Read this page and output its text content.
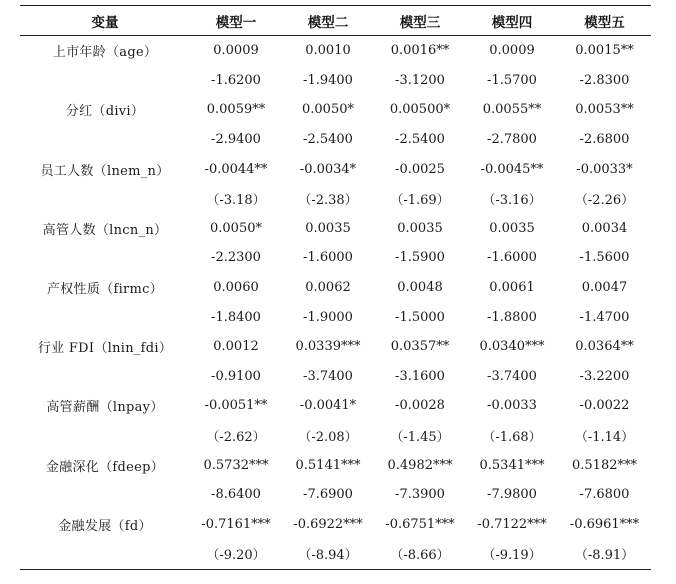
变量	模型一	模型二	模型三	模型四	模型五
上市年龄（age）	0.0009	0.0010	0.0016**	0.0009	0.0015**
	-1.6200	-1.9400	-3.1200	-1.5700	-2.8300
分红（divi）	0.0059**	0.0050*	0.00500*	0.0055**	0.0053**
	-2.9400	-2.5400	-2.5400	-2.7800	-2.6800
员工人数（lnem_n）	-0.0044**	-0.0034*	-0.0025	-0.0045**	-0.0033*
	（-3.18）	（-2.38）	（-1.69）	（-3.16）	（-2.26）
高管人数（lncn_n）	0.0050*	0.0035	0.0035	0.0035	0.0034
	-2.2300	-1.6000	-1.5900	-1.6000	-1.5600
产权性质（firmc）	0.0060	0.0062	0.0048	0.0061	0.0047
	-1.8400	-1.9000	-1.5000	-1.8800	-1.4700
行业 FDI（lnin_fdi）	0.0012	0.0339***	0.0357**	0.0340***	0.0364**
	-0.9100	-3.7400	-3.1600	-3.7400	-3.2200
高管薪酬（lnpay）	-0.0051**	-0.0041*	-0.0028	-0.0033	-0.0022
	（-2.62）	（-2.08）	（-1.45）	（-1.68）	（-1.14）
金融深化（fdeep）	0.5732***	0.5141***	0.4982***	0.5341***	0.5182***
	-8.6400	-7.6900	-7.3900	-7.9800	-7.6800
金融发展（fd）	-0.7161***	-0.6922***	-0.6751***	-0.7122***	-0.6961***
	（-9.20）	（-8.94）	（-8.66）	（-9.19）	（-8.91）
